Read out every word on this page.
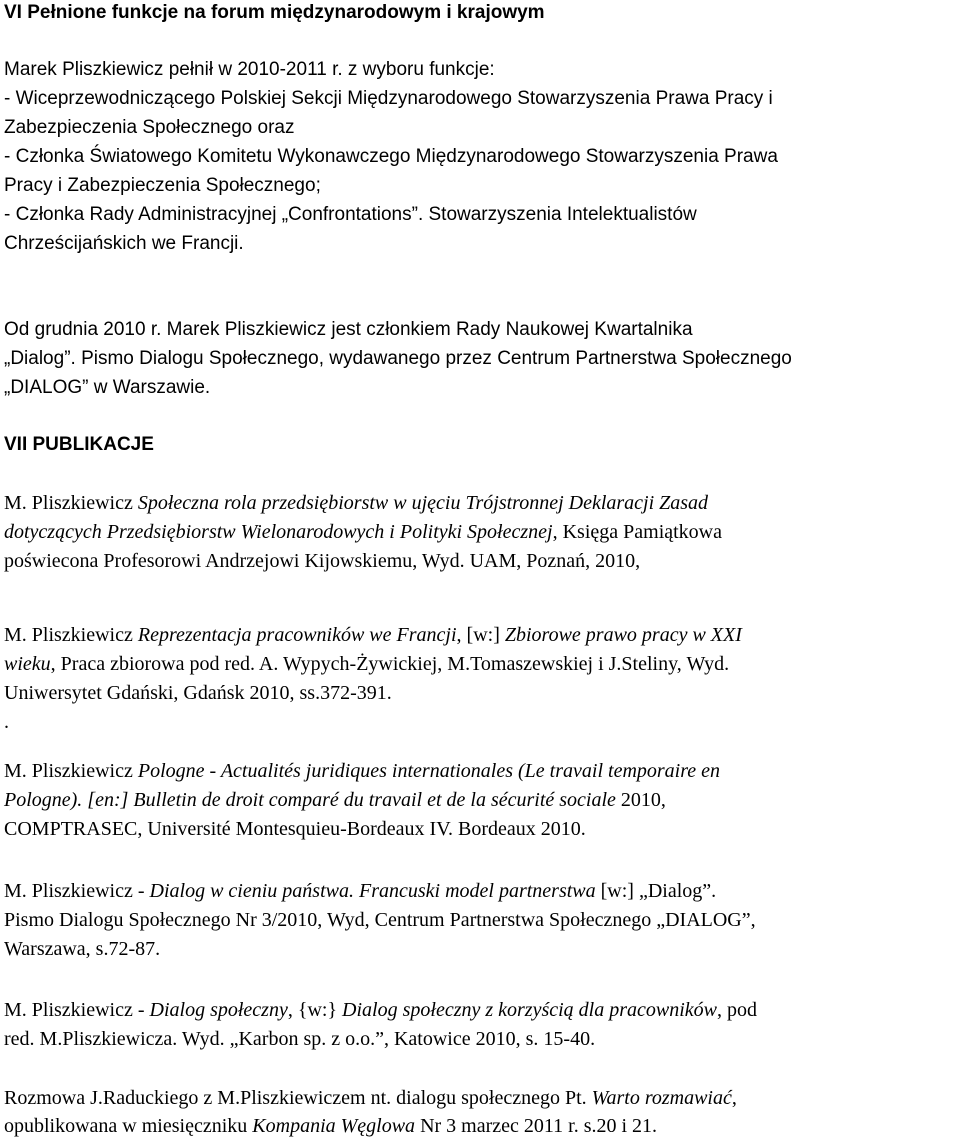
VI Pełnione funkcje na forum międzynarodowym i krajowym

Marek Pliszkiewicz pełnił w 2010-2011 r. z wyboru funkcje:

- Wiceprzewodniczącego Polskiej Sekcji Międzynarodowego Stowarzyszenia Prawa Pracy i

Zabezpieczenia Społecznego oraz

- Członka Światowego Komitetu Wykonawczego Międzynarodowego Stowarzyszenia Prawa

Pracy i Zabezpieczenia Społecznego;

- Członka Rady Administracyjnej „Confrontations”. Stowarzyszenia Intelektualistów

Chrześcijańskich we Francji.

Od grudnia 2010 r. Marek Pliszkiewicz jest członkiem Rady Naukowej Kwartalnika

„Dialog”. Pismo Dialogu Społecznego, wydawanego przez Centrum Partnerstwa Społecznego

„DIALOG” w Warszawie.

VII PUBLIKACJE

M. Pliszkiewicz Społeczna rola przedsiębiorstw w ujęciu Trójstronnej Deklaracji Zasad

dotyczących Przedsiębiorstw Wielonarodowych i Polityki Społecznej, Księga Pamiątkowa

poświecona Profesorowi Andrzejowi Kijowskiemu, Wyd. UAM, Poznań, 2010,

M. Pliszkiewicz Reprezentacja pracowników we Francji, [w:] Zbiorowe prawo pracy w XXI

wieku, Praca zbiorowa pod red. A. Wypych-Żywickiej, M.Tomaszewskiej i J.Steliny, Wyd.

Uniwersytet Gdański, Gdańsk 2010, ss.372-391.

.

M. Pliszkiewicz Pologne - Actualités juridiques internationales (Le travail temporaire en

Pologne). [en:] Bulletin de droit comparé du travail et de la sécurité sociale 2010,

COMPTRASEC, Université Montesquieu-Bordeaux IV. Bordeaux 2010.

M. Pliszkiewicz - Dialog w cieniu państwa. Francuski model partnerstwa [w:] „Dialog”.

Pismo Dialogu Społecznego Nr 3/2010, Wyd, Centrum Partnerstwa Społecznego „DIALOG”,

Warszawa, s.72-87.

M. Pliszkiewicz - Dialog społeczny, {w:} Dialog społeczny z korzyścią dla pracowników, pod

red. M.Pliszkiewicza. Wyd. „Karbon sp. z o.o.”, Katowice 2010, s. 15-40.

Rozmowa J.Raduckiego z M.Pliszkiewiczem nt. dialogu społecznego Pt. Warto rozmawiać,

opublikowana w miesięczniku Kompania Węglowa Nr 3 marzec 2011 r. s.20 i 21.
